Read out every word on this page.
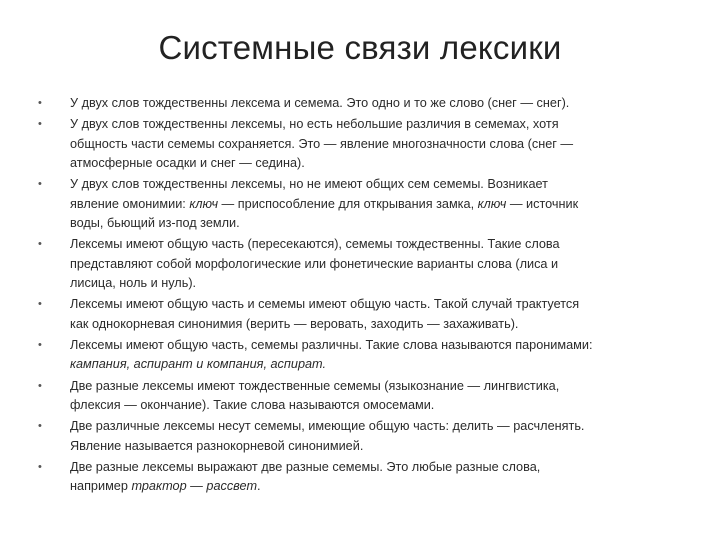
Системные связи лексики
•	У двух слов тождественны лексема и семема. Это одно и то же слово (снег — снег).
•	У двух слов тождественны лексемы, но есть небольшие различия в семемах, хотя
общность части семемы сохраняется. Это — явление многозначности слова (снег —
атмосферные осадки и снег — седина).
•	У двух слов тождественны лексемы, но не имеют общих сем семемы. Возникает
явление омонимии: ключ — приспособление для открывания замка, ключ — источник
воды, бьющий из-под земли.
•	Лексемы имеют общую часть (пересекаются), семемы тождественны. Такие слова
представляют собой морфологические или фонетические варианты слова (лиса и
лисица, ноль и нуль).
•	Лексемы имеют общую часть и семемы имеют общую часть. Такой случай трактуется
как однокорневая синонимия (верить — веровать, заходить — захаживать).
•	Лексемы имеют общую часть, семемы различны. Такие слова называются паронимами:
кампания, аспирант и компания, аспират.
•	Две разные лексемы имеют тождественные семемы (языкознание — лингвистика,
флексия — окончание). Такие слова называются омосемами.
•	Две различные лексемы несут семемы, имеющие общую часть: делить — расчленять.
Явление называется разнокорневой синонимией.
•	Две разные лексемы выражают две разные семемы. Это любые разные слова,
например трактор — рассвет.
